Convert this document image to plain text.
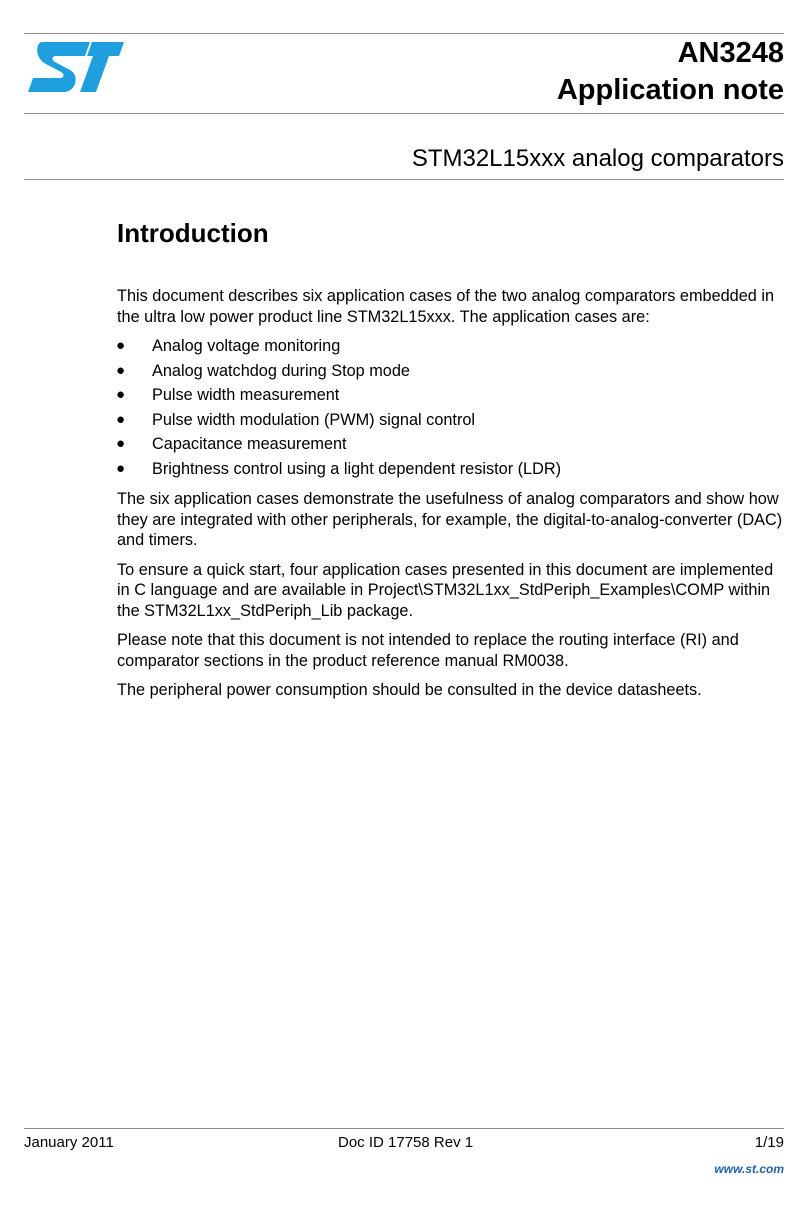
AN3248
Application note
STM32L15xxx analog comparators
Introduction

This document describes six application cases of the two analog comparators embedded in the ultra low power product line STM32L15xxx. The application cases are:

● Analog voltage monitoring
● Analog watchdog during Stop mode
● Pulse width measurement
● Pulse width modulation (PWM) signal control
● Capacitance measurement
● Brightness control using a light dependent resistor (LDR)

The six application cases demonstrate the usefulness of analog comparators and show how they are integrated with other peripherals, for example, the digital-to-analog-converter (DAC) and timers.

To ensure a quick start, four application cases presented in this document are implemented in C language and are available in Project\STM32L1xx_StdPeriph_Examples\COMP within the STM32L1xx_StdPeriph_Lib package.

Please note that this document is not intended to replace the routing interface (RI) and comparator sections in the product reference manual RM0038.

The peripheral power consumption should be consulted in the device datasheets.

January 2011	Doc ID 17758 Rev 1	1/19
www.st.com
